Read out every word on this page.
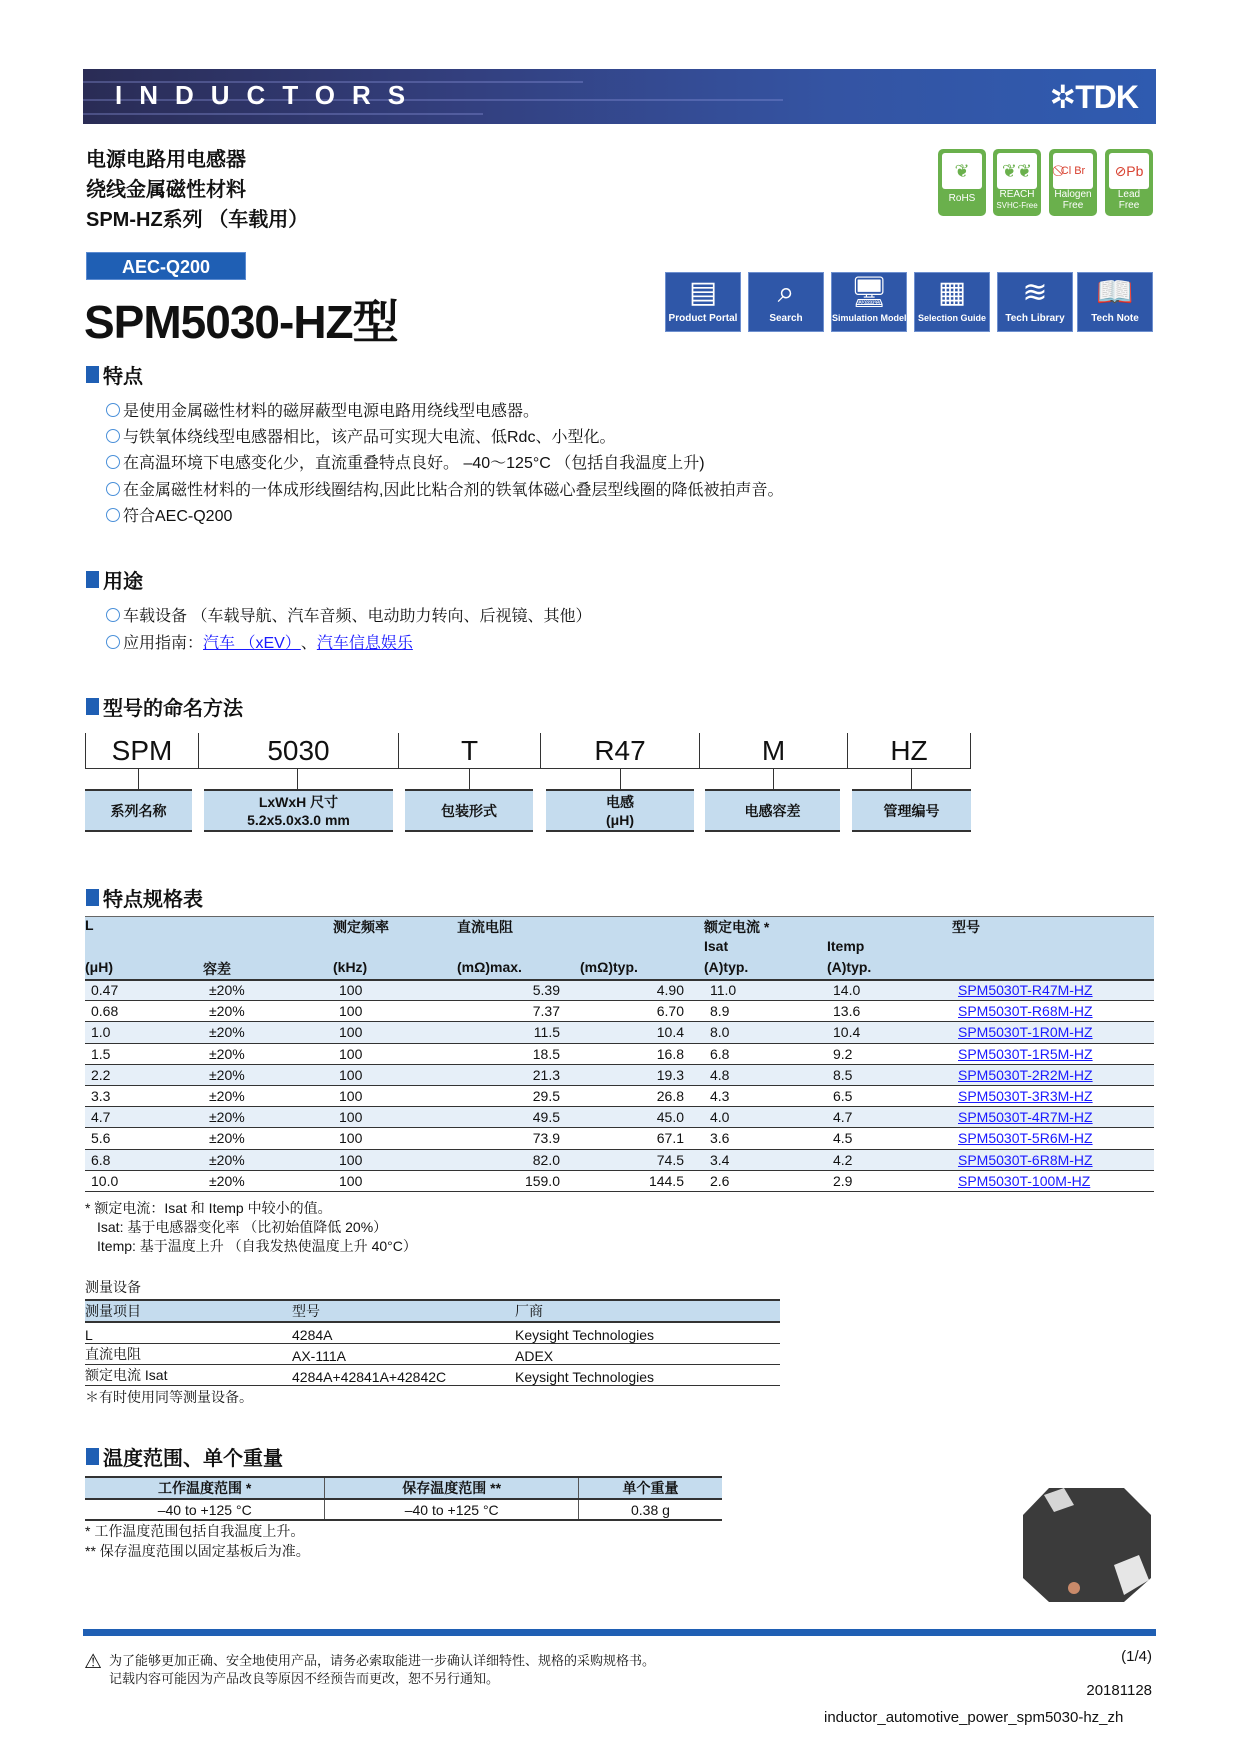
INDUCTORS	✲TDK
电源电路用电感器
绕线金属磁性材料
SPM-HZ系列 （车载用）
❦
RoHS
❦❦
REACH
SVHC-Free
Cl Br
Halogen
Free
⊘Pb
Lead
Free
AEC-Q200
SPM5030-HZ型
▤
Product Portal
⌕
Search
🖥
Simulation Model
▦
Selection Guide
≋
Tech Library
📖
Tech Note
特点
是使用金属磁性材料的磁屏蔽型电源电路用绕线型电感器。
与铁氧体绕线型电感器相比，该产品可实现大电流、低Rdc、小型化。
在高温环境下电感变化少，直流重叠特点良好。 –40～125°C （包括自我温度上升)
在金属磁性材料的一体成形线圈结构,因此比粘合剂的铁氧体磁心叠层型线圈的降低被拍声音。
符合AEC-Q200
用途
车载设备 （车载导航、汽车音频、电动助力转向、后视镜、其他）
应用指南： 汽车 （xEV） 、 汽车信息娱乐
型号的命名方法
SPM	5030	T	R47	M	HZ
系列名称
LxWxH 尺寸
5.2x5.0x3.0 mm
包装形式
电感
(μH)
电感容差	管理编号
特点规格表
L		测定频率	直流电阻		额定电流 *		型号
					Isat	Itemp	
(μH)	容差	(kHz)	(mΩ)max.	(mΩ)typ.	(A)typ.	(A)typ.	
0.47	±20%	100	5.39	4.90	11.0	14.0	SPM5030T-R47M-HZ
0.68	±20%	100	7.37	6.70	8.9	13.6	SPM5030T-R68M-HZ
1.0	±20%	100	11.5	10.4	8.0	10.4	SPM5030T-1R0M-HZ
1.5	±20%	100	18.5	16.8	6.8	9.2	SPM5030T-1R5M-HZ
2.2	±20%	100	21.3	19.3	4.8	8.5	SPM5030T-2R2M-HZ
3.3	±20%	100	29.5	26.8	4.3	6.5	SPM5030T-3R3M-HZ
4.7	±20%	100	49.5	45.0	4.0	4.7	SPM5030T-4R7M-HZ
5.6	±20%	100	73.9	67.1	3.6	4.5	SPM5030T-5R6M-HZ
6.8	±20%	100	82.0	74.5	3.4	4.2	SPM5030T-6R8M-HZ
10.0	±20%	100	159.0	144.5	2.6	2.9	SPM5030T-100M-HZ
* 额定电流：Isat 和 Itemp 中较小的值。
Isat: 基于电感器变化率 （比初始值降低 20%）
Itemp: 基于温度上升 （自我发热使温度上升 40°C）
测量设备
测量项目	型号	厂商
L	4284A	Keysight Technologies
直流电阻	AX-111A	ADEX
额定电流 Isat	4284A+42841A+42842C	Keysight Technologies
＊有时使用同等测量设备。
温度范围、单个重量
工作温度范围 *	保存温度范围 **	单个重量
–40 to +125 °C	–40 to +125 °C	0.38 g
* 工作温度范围包括自我温度上升。
** 保存温度范围以固定基板后为准。
⚠ 为了能够更加正确、安全地使用产品，请务必索取能进一步确认详细特性、规格的采购规格书。
记载内容可能因为产品改良等原因不经预告而更改，恕不另行通知。
(1/4)
20181128
inductor_automotive_power_spm5030-hz_zh
